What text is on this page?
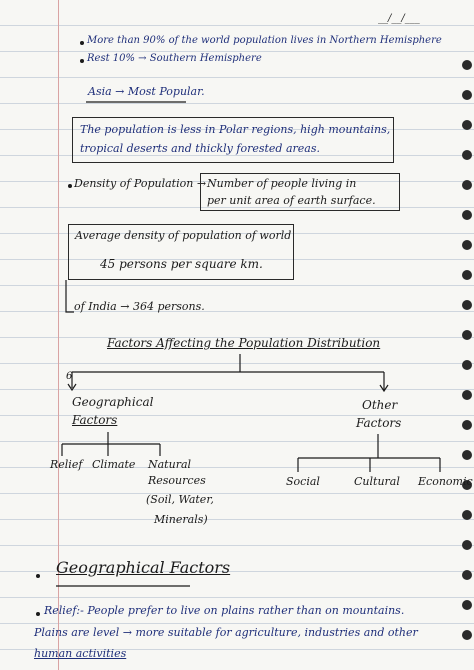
__/__/___
More than 90% of the world population lives in Northern Hemisphere
Rest 10% → Southern Hemisphere
Asia → Most Popular.
The population is less in Polar regions, high mountains,
tropical deserts and thickly forested areas.
Density of Population → Number of people living in
per unit area of earth surface.
Average density of population of world
45 persons per square km.
of India → 364 persons.
Factors Affecting the Population Distribution
6
Geographical
Factors
Other
Factors
Relief Climate Natural
Resources
(Soil, Water,
Minerals)
Social	Cultural Economic
Geographical Factors
Relief:- People prefer to live on plains rather than on mountains.
Plains are level → more suitable for agriculture, industries and other
human activities
